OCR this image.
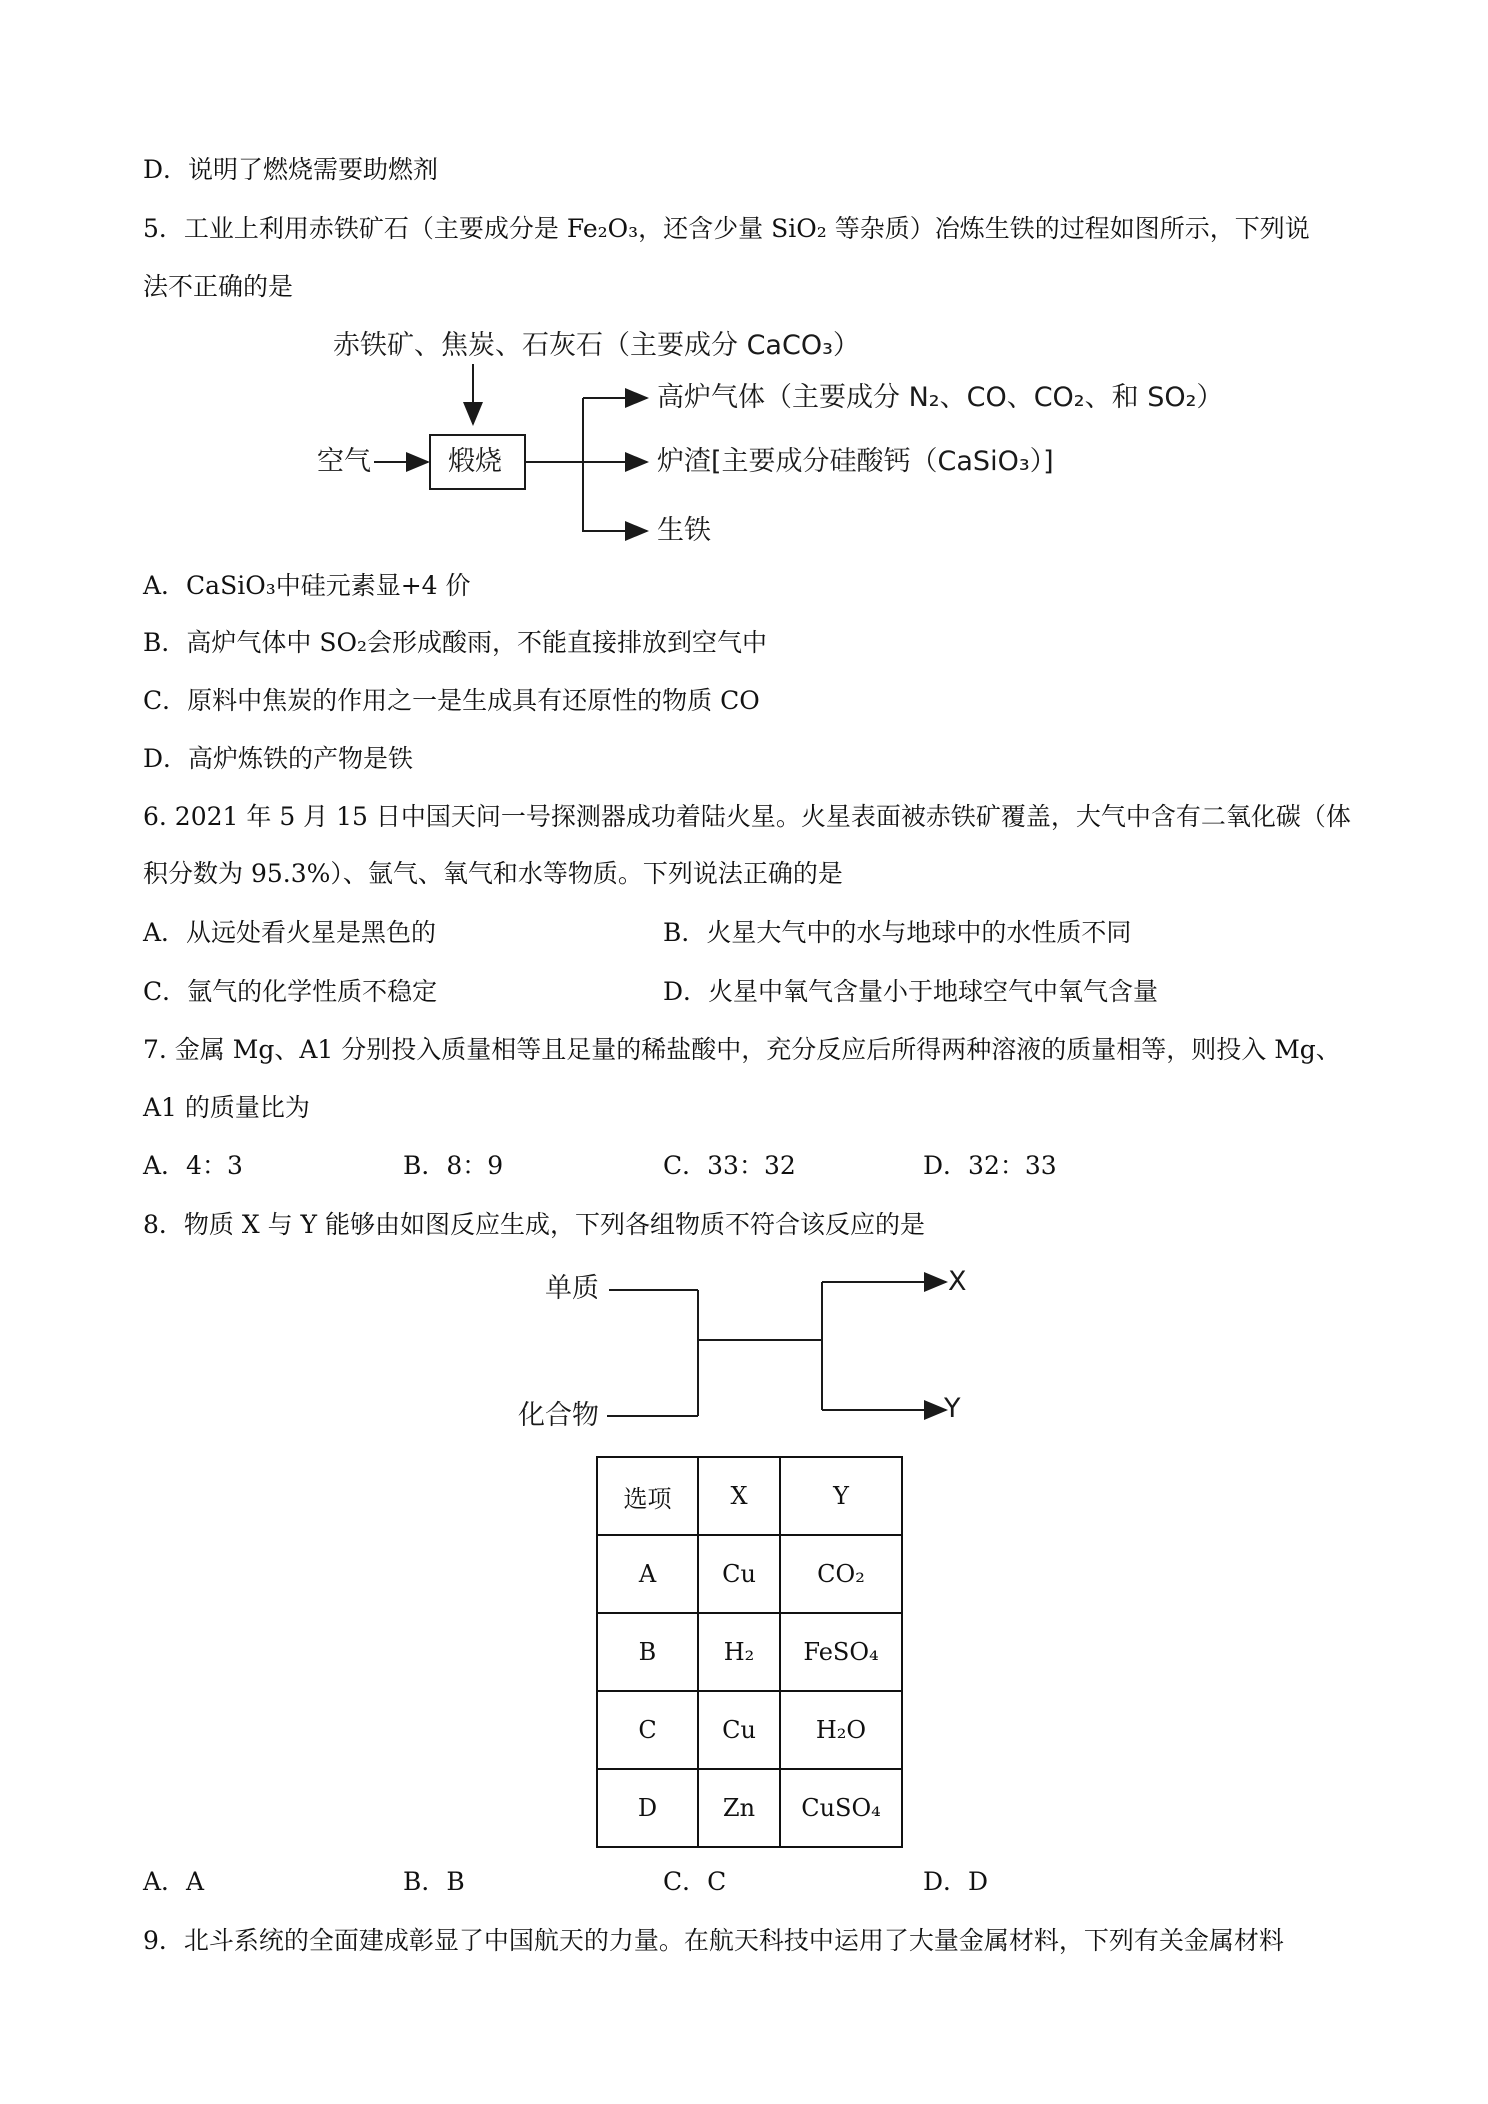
D．说明了燃烧需要助燃剂
5．工业上利用赤铁矿石（主要成分是 Fe₂O₃，还含少量 SiO₂ 等杂质）冶炼生铁的过程如图所示，下列说
法不正确的是
赤铁矿、焦炭、石灰石（主要成分 CaCO₃）
空气	煅烧
高炉气体（主要成分 N₂、CO、CO₂、和 SO₂）
炉渣[主要成分硅酸钙（CaSiO₃）]
生铁
A．CaSiO₃中硅元素显+4 价
B．高炉气体中 SO₂会形成酸雨，不能直接排放到空气中
C．原料中焦炭的作用之一是生成具有还原性的物质 CO
D．高炉炼铁的产物是铁
6. 2021 年 5 月 15 日中国天问一号探测器成功着陆火星。火星表面被赤铁矿覆盖，大气中含有二氧化碳（体
积分数为 95.3%）、氩气、氧气和水等物质。下列说法正确的是
A．从远处看火星是黑色的	B．火星大气中的水与地球中的水性质不同
C．氩气的化学性质不稳定	D．火星中氧气含量小于地球空气中氧气含量
7. 金属 Mg、A1 分别投入质量相等且足量的稀盐酸中，充分反应后所得两种溶液的质量相等，则投入 Mg、
A1 的质量比为
A．4：3	B．8：9	C．33：32	D．32：33
8．物质 X 与 Y 能够由如图反应生成，下列各组物质不符合该反应的是
单质
化合物
X
Y
选项	X	Y
A	Cu	CO₂
B	H₂	FeSO₄
C	Cu	H₂O
D	Zn	CuSO₄
A．A	B．B	C．C	D．D
9．北斗系统的全面建成彰显了中国航天的力量。在航天科技中运用了大量金属材料，下列有关金属材料
